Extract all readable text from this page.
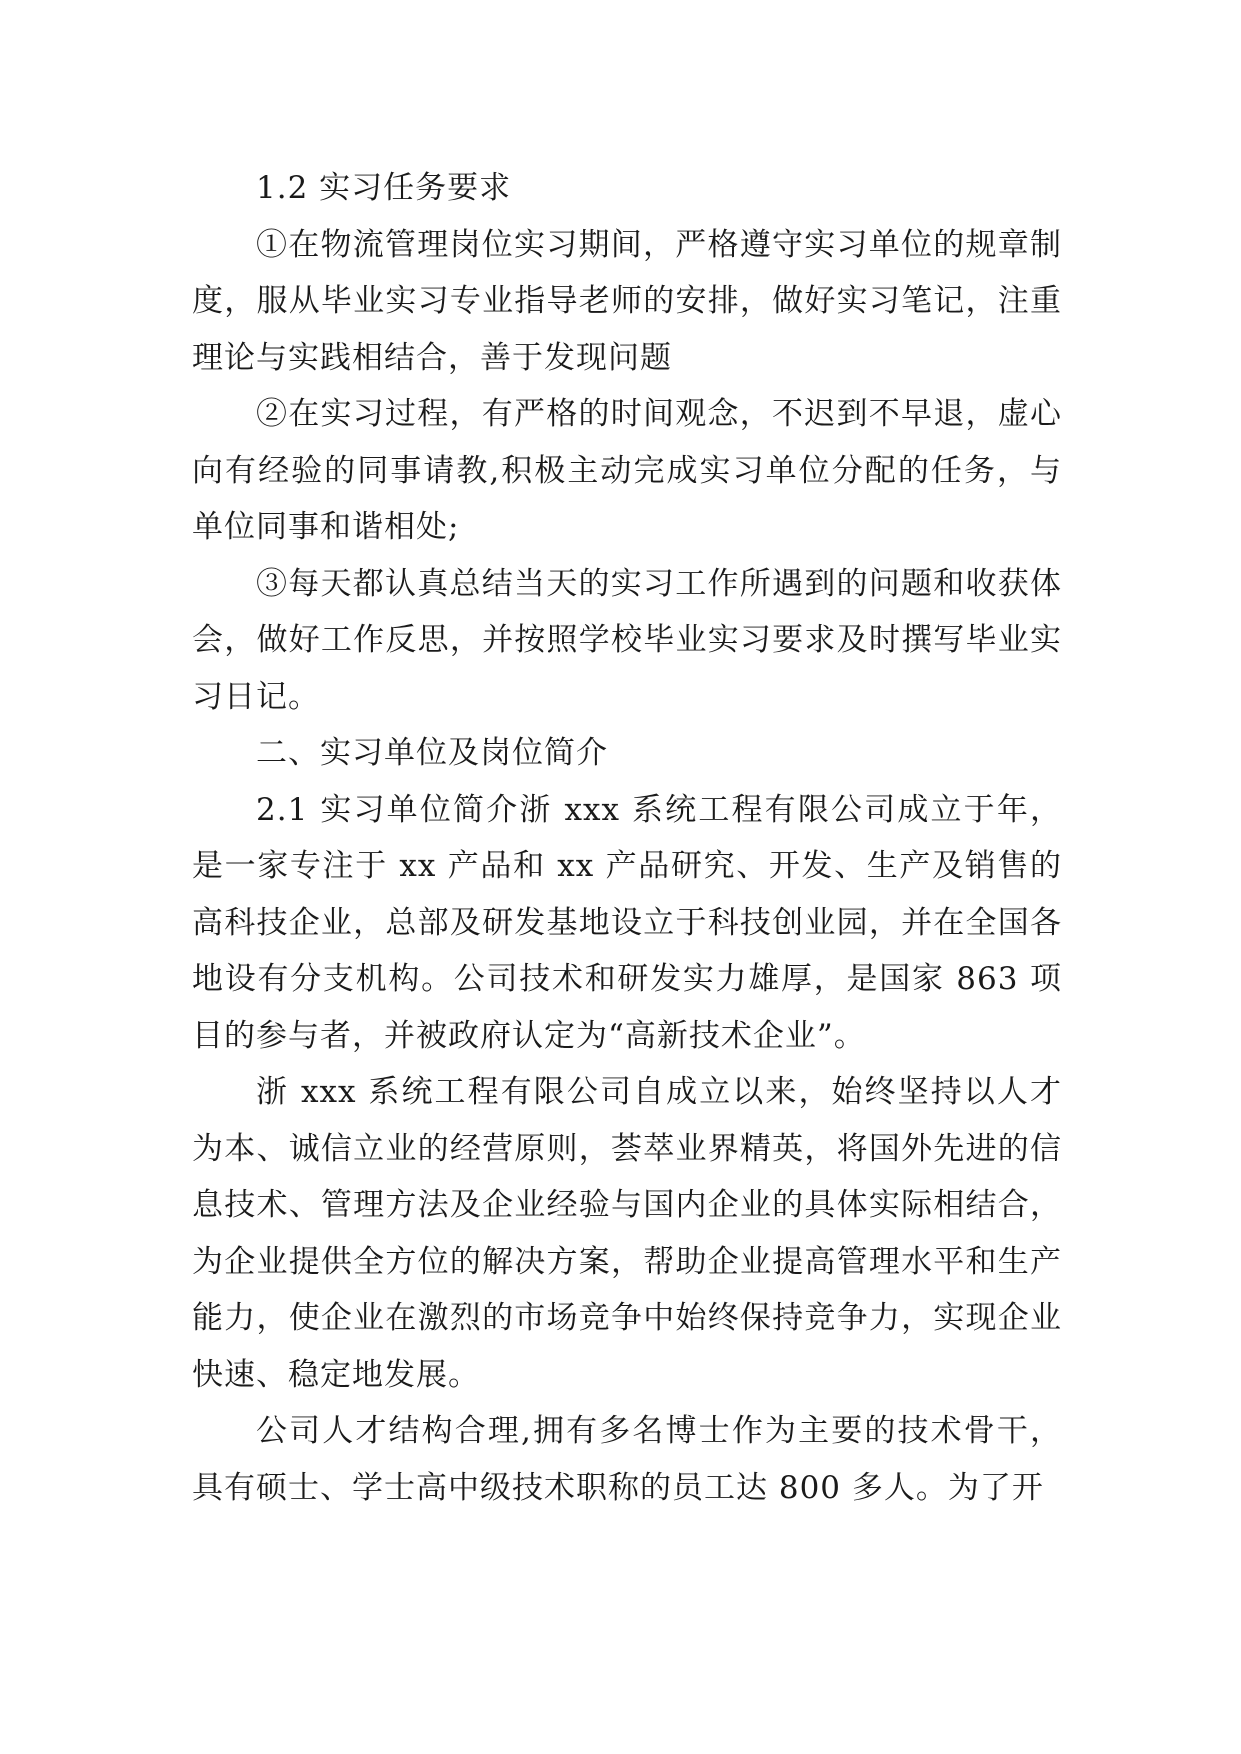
1.2 实习任务要求

①在物流管理岗位实习期间，严格遵守实习单位的规章制度，服从毕业实习专业指导老师的安排，做好实习笔记，注重理论与实践相结合，善于发现问题

②在实习过程，有严格的时间观念，不迟到不早退，虚心向有经验的同事请教,积极主动完成实习单位分配的任务，与单位同事和谐相处;

③每天都认真总结当天的实习工作所遇到的问题和收获体会，做好工作反思，并按照学校毕业实习要求及时撰写毕业实习日记。

二、实习单位及岗位简介

2.1 实习单位简介浙 xxx 系统工程有限公司成立于年，是一家专注于 xx 产品和 xx 产品研究、开发、生产及销售的高科技企业，总部及研发基地设立于科技创业园，并在全国各地设有分支机构。公司技术和研发实力雄厚，是国家 863 项目的参与者，并被政府认定为“高新技术企业”。

浙 xxx 系统工程有限公司自成立以来，始终坚持以人才为本、诚信立业的经营原则，荟萃业界精英，将国外先进的信息技术、管理方法及企业经验与国内企业的具体实际相结合，为企业提供全方位的解决方案，帮助企业提高管理水平和生产能力，使企业在激烈的市场竞争中始终保持竞争力，实现企业快速、稳定地发展。

公司人才结构合理,拥有多名博士作为主要的技术骨干，具有硕士、学士高中级技术职称的员工达 800 多人。为了开
